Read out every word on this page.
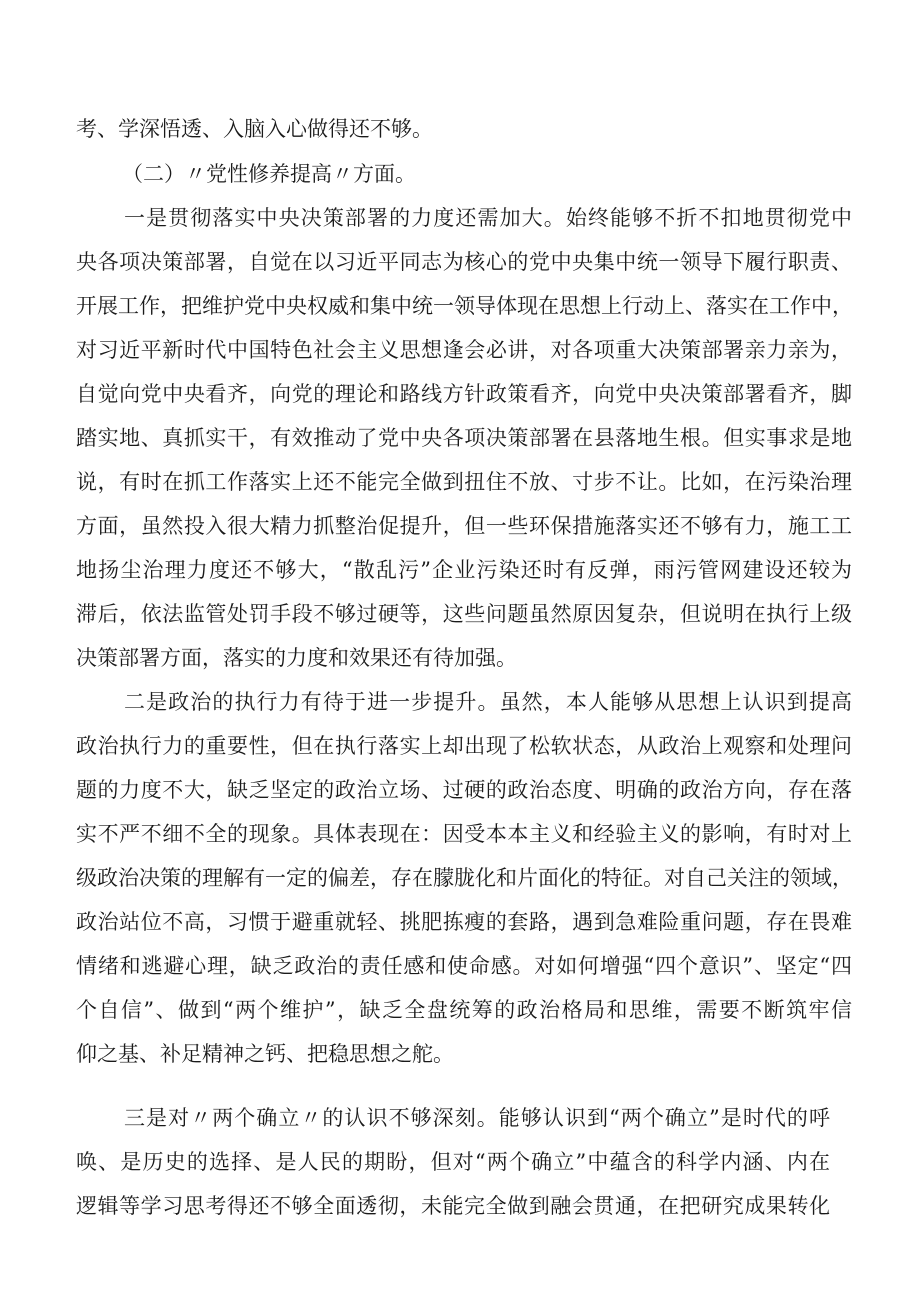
考、学深悟透、入脑入心做得还不够。
（二）〃党性修养提高〃方面。
一是贯彻落实中央决策部署的力度还需加大。始终能够不折不扣地贯彻党中
央各项决策部署，自觉在以习近平同志为核心的党中央集中统一领导下履行职责、
开展工作，把维护党中央权威和集中统一领导体现在思想上行动上、落实在工作中，
对习近平新时代中国特色社会主义思想逢会必讲，对各项重大决策部署亲力亲为，
自觉向党中央看齐，向党的理论和路线方针政策看齐，向党中央决策部署看齐，脚
踏实地、真抓实干，有效推动了党中央各项决策部署在县落地生根。但实事求是地
说，有时在抓工作落实上还不能完全做到扭住不放、寸步不让。比如，在污染治理
方面，虽然投入很大精力抓整治促提升，但一些环保措施落实还不够有力，施工工
地扬尘治理力度还不够大，“散乱污”企业污染还时有反弹，雨污管网建设还较为
滞后，依法监管处罚手段不够过硬等，这些问题虽然原因复杂，但说明在执行上级
决策部署方面，落实的力度和效果还有待加强。
二是政治的执行力有待于进一步提升。虽然，本人能够从思想上认识到提高
政治执行力的重要性，但在执行落实上却出现了松软状态，从政治上观察和处理问
题的力度不大，缺乏坚定的政治立场、过硬的政治态度、明确的政治方向，存在落
实不严不细不全的现象。具体表现在：因受本本主义和经验主义的影响，有时对上
级政治决策的理解有一定的偏差，存在朦胧化和片面化的特征。对自己关注的领域，
政治站位不高，习惯于避重就轻、挑肥拣瘦的套路，遇到急难险重问题，存在畏难
情绪和逃避心理，缺乏政治的责任感和使命感。对如何增强“四个意识”、坚定“四
个自信”、做到“两个维护”，缺乏全盘统筹的政治格局和思维，需要不断筑牢信
仰之基、补足精神之钙、把稳思想之舵。
三是对〃两个确立〃的认识不够深刻。能够认识到“两个确立”是时代的呼
唤、是历史的选择、是人民的期盼，但对“两个确立”中蕴含的科学内涵、内在
逻辑等学习思考得还不够全面透彻，未能完全做到融会贯通，在把研究成果转化
